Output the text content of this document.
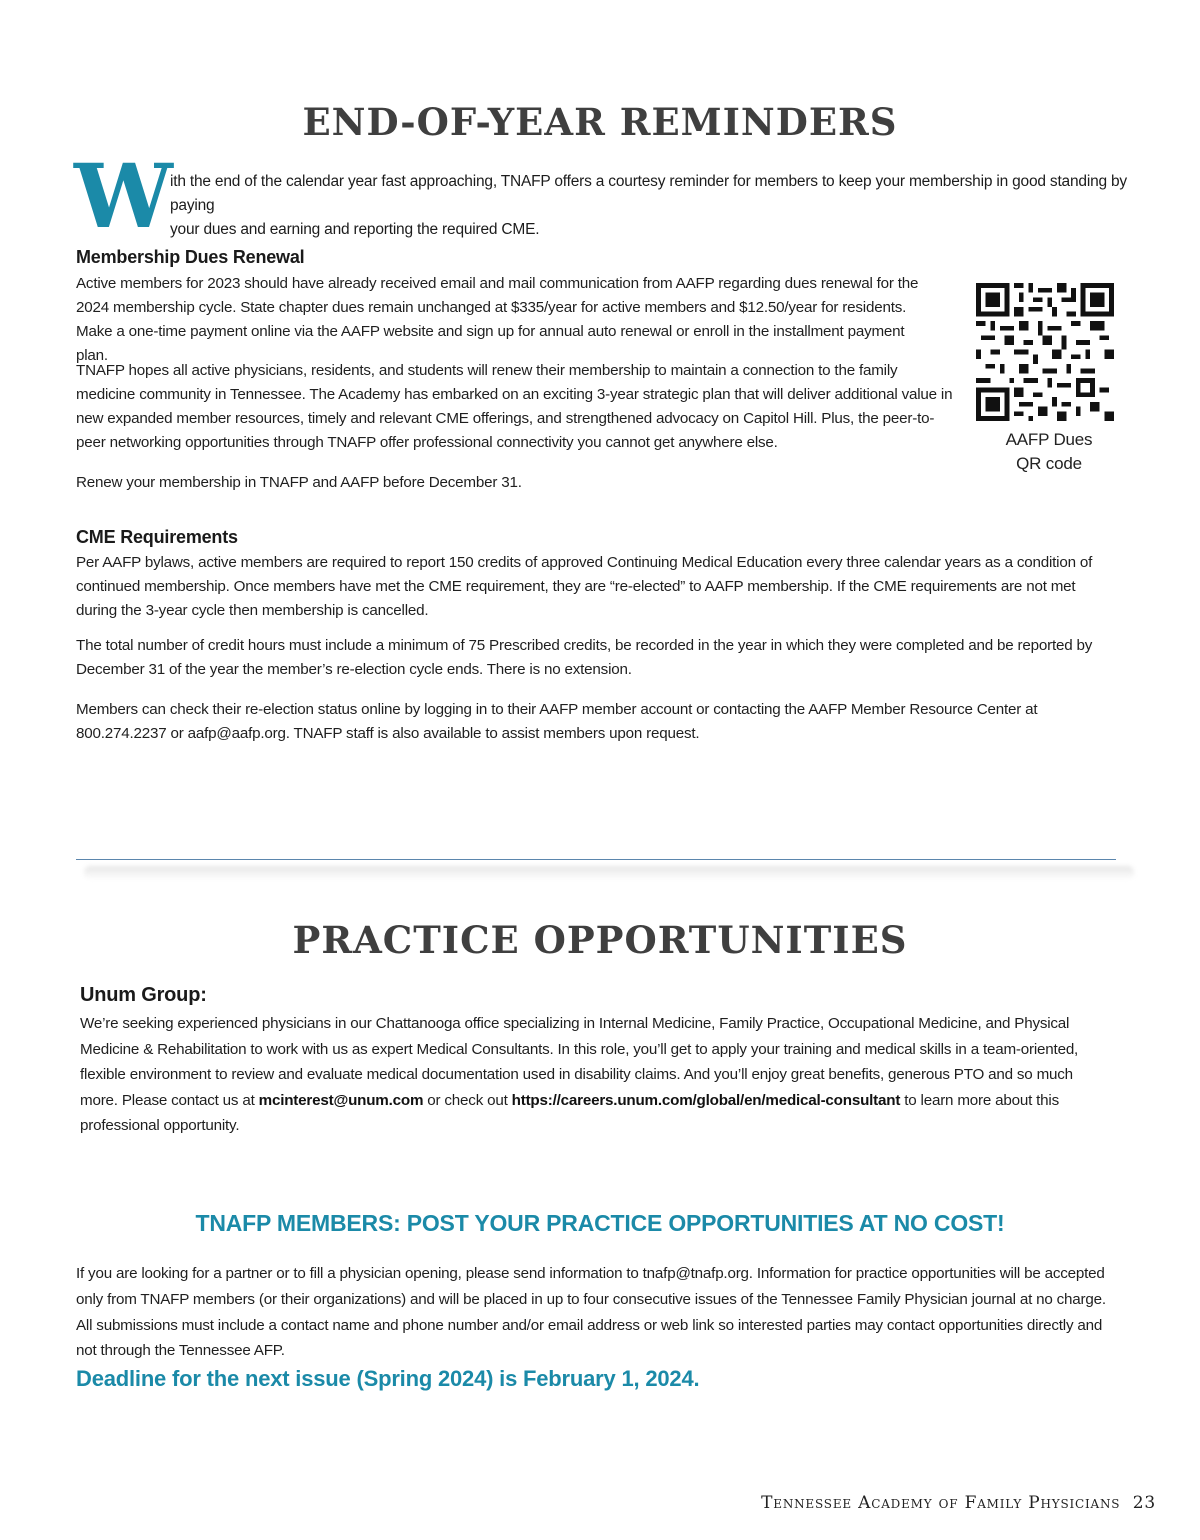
END-OF-YEAR REMINDERS
W
ith the end of the calendar year fast approaching, TNAFP offers a courtesy reminder for members to keep your membership in good standing by paying
your dues and earning and reporting the required CME.
Membership Dues Renewal
Active members for 2023 should have already received email and mail communication from AAFP regarding dues renewal for the 2024 membership cycle. State chapter dues remain unchanged at $335/year for active members and $12.50/year for residents. Make a one-time payment online via the AAFP website and sign up for annual auto renewal or enroll in the installment payment plan.
TNAFP hopes all active physicians, residents, and students will renew their membership to maintain a connection to the family medicine community in Tennessee. The Academy has embarked on an exciting 3-year strategic plan that will deliver additional value in new expanded member resources, timely and relevant CME offerings, and strengthened advocacy on Capitol Hill. Plus, the peer-to-peer networking opportunities through TNAFP offer professional connectivity you cannot get anywhere else.
Renew your membership in TNAFP and AAFP before December 31.
AAFP Dues
QR code
CME Requirements
Per AAFP bylaws, active members are required to report 150 credits of approved Continuing Medical Education every three calendar years as a condition of continued membership. Once members have met the CME requirement, they are “re-elected” to AAFP membership. If the CME requirements are not met during the 3-year cycle then membership is cancelled.
The total number of credit hours must include a minimum of 75 Prescribed credits, be recorded in the year in which they were completed and be reported by December 31 of the year the member’s re-election cycle ends. There is no extension.
Members can check their re-election status online by logging in to their AAFP member account or contacting the AAFP Member Resource Center at 800.274.2237 or aafp@aafp.org. TNAFP staff is also available to assist members upon request.
PRACTICE OPPORTUNITIES
Unum Group:
We’re seeking experienced physicians in our Chattanooga office specializing in Internal Medicine, Family Practice, Occupational Medicine, and Physical Medicine & Rehabilitation to work with us as expert Medical Consultants. In this role, you’ll get to apply your training and medical skills in a team-oriented, flexible environment to review and evaluate medical documentation used in disability claims. And you’ll enjoy great benefits, generous PTO and so much more. Please contact us at mcinterest@unum.com or check out https://careers.unum.com/global/en/medical-consultant to learn more about this professional opportunity.
TNAFP MEMBERS: POST YOUR PRACTICE OPPORTUNITIES AT NO COST!
If you are looking for a partner or to fill a physician opening, please send information to tnafp@tnafp.org. Information for practice opportunities will be accepted only from TNAFP members (or their organizations) and will be placed in up to four consecutive issues of the Tennessee Family Physician journal at no charge. All submissions must include a contact name and phone number and/or email address or web link so interested parties may contact opportunities directly and not through the Tennessee AFP.
Deadline for the next issue (Spring 2024) is February 1, 2024.
Tennessee Academy of Family Physicians 23
